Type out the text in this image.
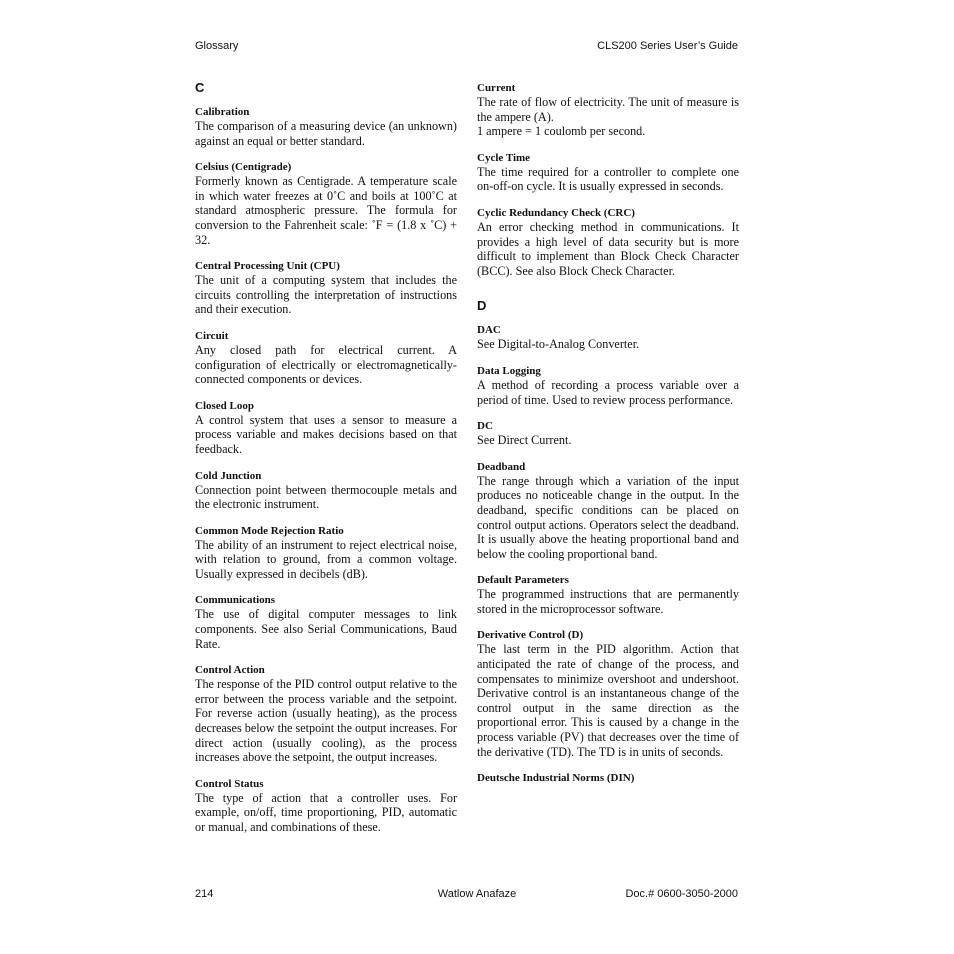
Glossary	CLS200 Series User’s Guide
C
Calibration
The comparison of a measuring device (an unknown) against an equal or better standard.
Celsius (Centigrade)
Formerly known as Centigrade. A temperature scale in which water freezes at 0˚C and boils at 100˚C at standard atmospheric pressure. The formula for conversion to the Fahrenheit scale: ˚F = (1.8 x ˚C) + 32.
Central Processing Unit (CPU)
The unit of a computing system that includes the circuits controlling the interpretation of instructions and their execution.
Circuit
Any closed path for electrical current. A configuration of electrically or electromagnetically-connected components or devices.
Closed Loop
A control system that uses a sensor to measure a process variable and makes decisions based on that feedback.
Cold Junction
Connection point between thermocouple metals and the electronic instrument.
Common Mode Rejection Ratio
The ability of an instrument to reject electrical noise, with relation to ground, from a common voltage. Usually expressed in decibels (dB).
Communications
The use of digital computer messages to link components. See also Serial Communications, Baud Rate.
Control Action
The response of the PID control output relative to the error between the process variable and the setpoint. For reverse action (usually heating), as the process decreases below the setpoint the output increases. For direct action (usually cooling), as the process increases above the setpoint, the output increases.
Control Status
The type of action that a controller uses. For example, on/off, time proportioning, PID, automatic or manual, and combinations of these.
Current
The rate of flow of electricity. The unit of measure is the ampere (A).
1 ampere = 1 coulomb per second.
Cycle Time
The time required for a controller to complete one on-off-on cycle. It is usually expressed in seconds.
Cyclic Redundancy Check (CRC)
An error checking method in communications. It provides a high level of data security but is more difficult to implement than Block Check Character (BCC). See also Block Check Character.
D
DAC
See Digital-to-Analog Converter.
Data Logging
A method of recording a process variable over a period of time. Used to review process performance.
DC
See Direct Current.
Deadband
The range through which a variation of the input produces no noticeable change in the output. In the deadband, specific conditions can be placed on control output actions. Operators select the deadband. It is usually above the heating proportional band and below the cooling proportional band.
Default Parameters
The programmed instructions that are permanently stored in the microprocessor software.
Derivative Control (D)
The last term in the PID algorithm. Action that anticipated the rate of change of the process, and compensates to minimize overshoot and undershoot. Derivative control is an instantaneous change of the control output in the same direction as the proportional error. This is caused by a change in the process variable (PV) that decreases over the time of the derivative (TD). The TD is in units of seconds.
Deutsche Industrial Norms (DIN)
214	Watlow Anafaze	Doc.# 0600-3050-2000
